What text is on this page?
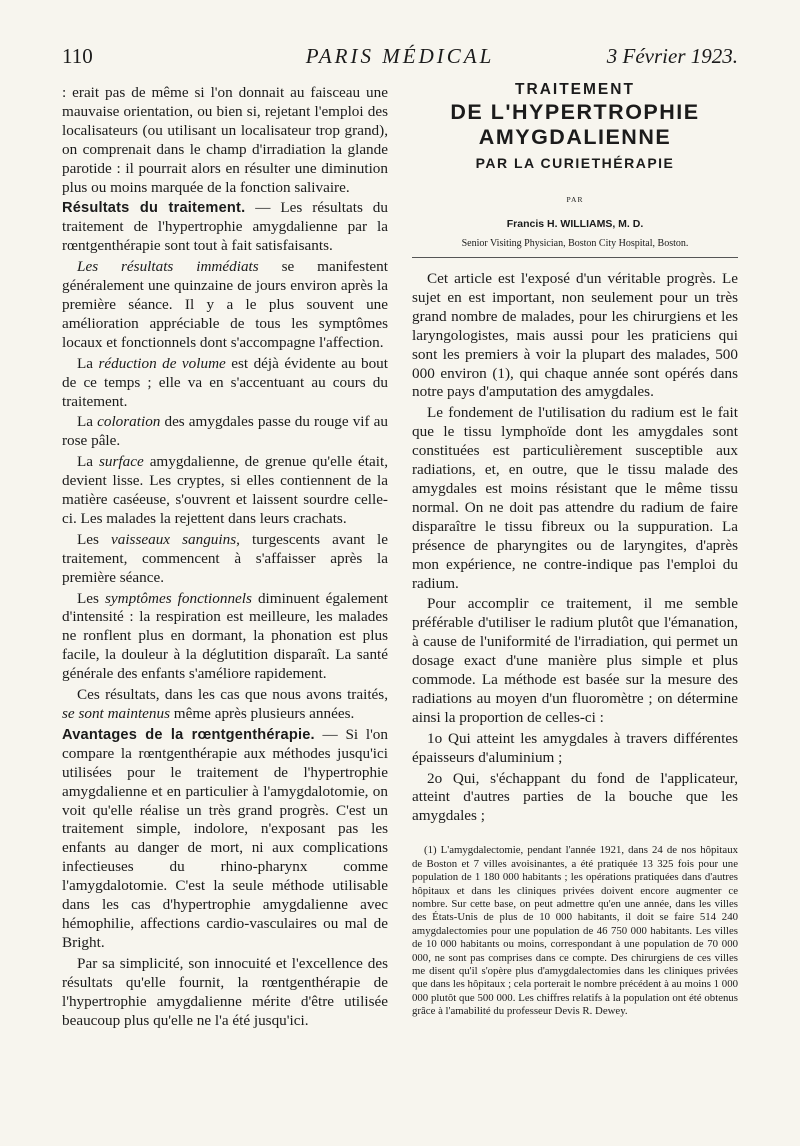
110	PARIS MÉDICAL	3 Février 1923.

: erait pas de même si l'on donnait au faisceau une mauvaise orientation, ou bien si, rejetant l'emploi des localisateurs (ou utilisant un localisateur trop grand), on comprenait dans le champ d'irradiation la glande parotide : il pourrait alors en résulter une diminution plus ou moins marquée de la fonction salivaire.

Résultats du traitement. — Les résultats du traitement de l'hypertrophie amygdalienne par la rœntgenthérapie sont tout à fait satisfaisants.

Les résultats immédiats se manifestent généralement une quinzaine de jours environ après la première séance. Il y a le plus souvent une amélioration appréciable de tous les symptômes locaux et fonctionnels dont s'accompagne l'affection.

La réduction de volume est déjà évidente au bout de ce temps ; elle va en s'accentuant au cours du traitement.

La coloration des amygdales passe du rouge vif au rose pâle.

La surface amygdalienne, de grenue qu'elle était, devient lisse. Les cryptes, si elles contiennent de la matière caséeuse, s'ouvrent et laissent sourdre celle-ci. Les malades la rejettent dans leurs crachats.

Les vaisseaux sanguins, turgescents avant le traitement, commencent à s'affaisser après la première séance.

Les symptômes fonctionnels diminuent également d'intensité : la respiration est meilleure, les malades ne ronflent plus en dormant, la phonation est plus facile, la douleur à la déglutition disparaît. La santé générale des enfants s'améliore rapidement.

Ces résultats, dans les cas que nous avons traités, se sont maintenus même après plusieurs années.

Avantages de la rœntgenthérapie. — Si l'on compare la rœntgenthérapie aux méthodes jusqu'ici utilisées pour le traitement de l'hypertrophie amygdalienne et en particulier à l'amygdalotomie, on voit qu'elle réalise un très grand progrès. C'est un traitement simple, indolore, n'exposant pas les enfants au danger de mort, ni aux complications infectieuses du rhino-pharynx comme l'amygdalotomie. C'est la seule méthode utilisable dans les cas d'hypertrophie amygdalienne avec hémophilie, affections cardio-vasculaires ou mal de Bright.

Par sa simplicité, son innocuité et l'excellence des résultats qu'elle fournit, la rœntgenthérapie de l'hypertrophie amygdalienne mérite d'être utilisée beaucoup plus qu'elle ne l'a été jusqu'ici.

TRAITEMENT
DE L'HYPERTROPHIE
AMYGDALIENNE
PAR LA CURIETHÉRAPIE
PAR
Francis H. WILLIAMS, M. D.
Senior Visiting Physician, Boston City Hospital, Boston.

Cet article est l'exposé d'un véritable progrès. Le sujet en est important, non seulement pour un très grand nombre de malades, pour les chirurgiens et les laryngologistes, mais aussi pour les praticiens qui sont les premiers à voir la plupart des malades, 500 000 environ (1), qui chaque année sont opérés dans notre pays d'amputation des amygdales.

Le fondement de l'utilisation du radium est le fait que le tissu lymphoïde dont les amygdales sont constituées est particulièrement susceptible aux radiations, et, en outre, que le tissu malade des amygdales est moins résistant que le même tissu normal. On ne doit pas attendre du radium de faire disparaître le tissu fibreux ou la suppuration. La présence de pharyngites ou de laryngites, d'après mon expérience, ne contre-indique pas l'emploi du radium.

Pour accomplir ce traitement, il me semble préférable d'utiliser le radium plutôt que l'émanation, à cause de l'uniformité de l'irradiation, qui permet un dosage exact d'une manière plus simple et plus commode. La méthode est basée sur la mesure des radiations au moyen d'un fluoromètre ; on détermine ainsi la proportion de celles-ci :

1o Qui atteint les amygdales à travers différentes épaisseurs d'aluminium ;

2o Qui, s'échappant du fond de l'applicateur, atteint d'autres parties de la bouche que les amygdales ;

(1) L'amygdalectomie, pendant l'année 1921, dans 24 de nos hôpitaux de Boston et 7 villes avoisinantes, a été pratiquée 13 325 fois pour une population de 1 180 000 habitants ; les opérations pratiquées dans d'autres hôpitaux et dans les cliniques privées doivent encore augmenter ce nombre. Sur cette base, on peut admettre qu'en une année, dans les villes des États-Unis de plus de 10 000 habitants, il doit se faire 514 240 amygdalectomies pour une population de 46 750 000 habitants. Les villes de 10 000 habitants ou moins, correspondant à une population de 70 000 000, ne sont pas comprises dans ce compte. Des chirurgiens de ces villes me disent qu'il s'opère plus d'amygdalectomies dans les cliniques privées que dans les hôpitaux ; cela porterait le nombre précédent à au moins 1 000 000 plutôt que 500 000. Les chiffres relatifs à la population ont été obtenus grâce à l'amabilité du professeur Devis R. Dewey.
